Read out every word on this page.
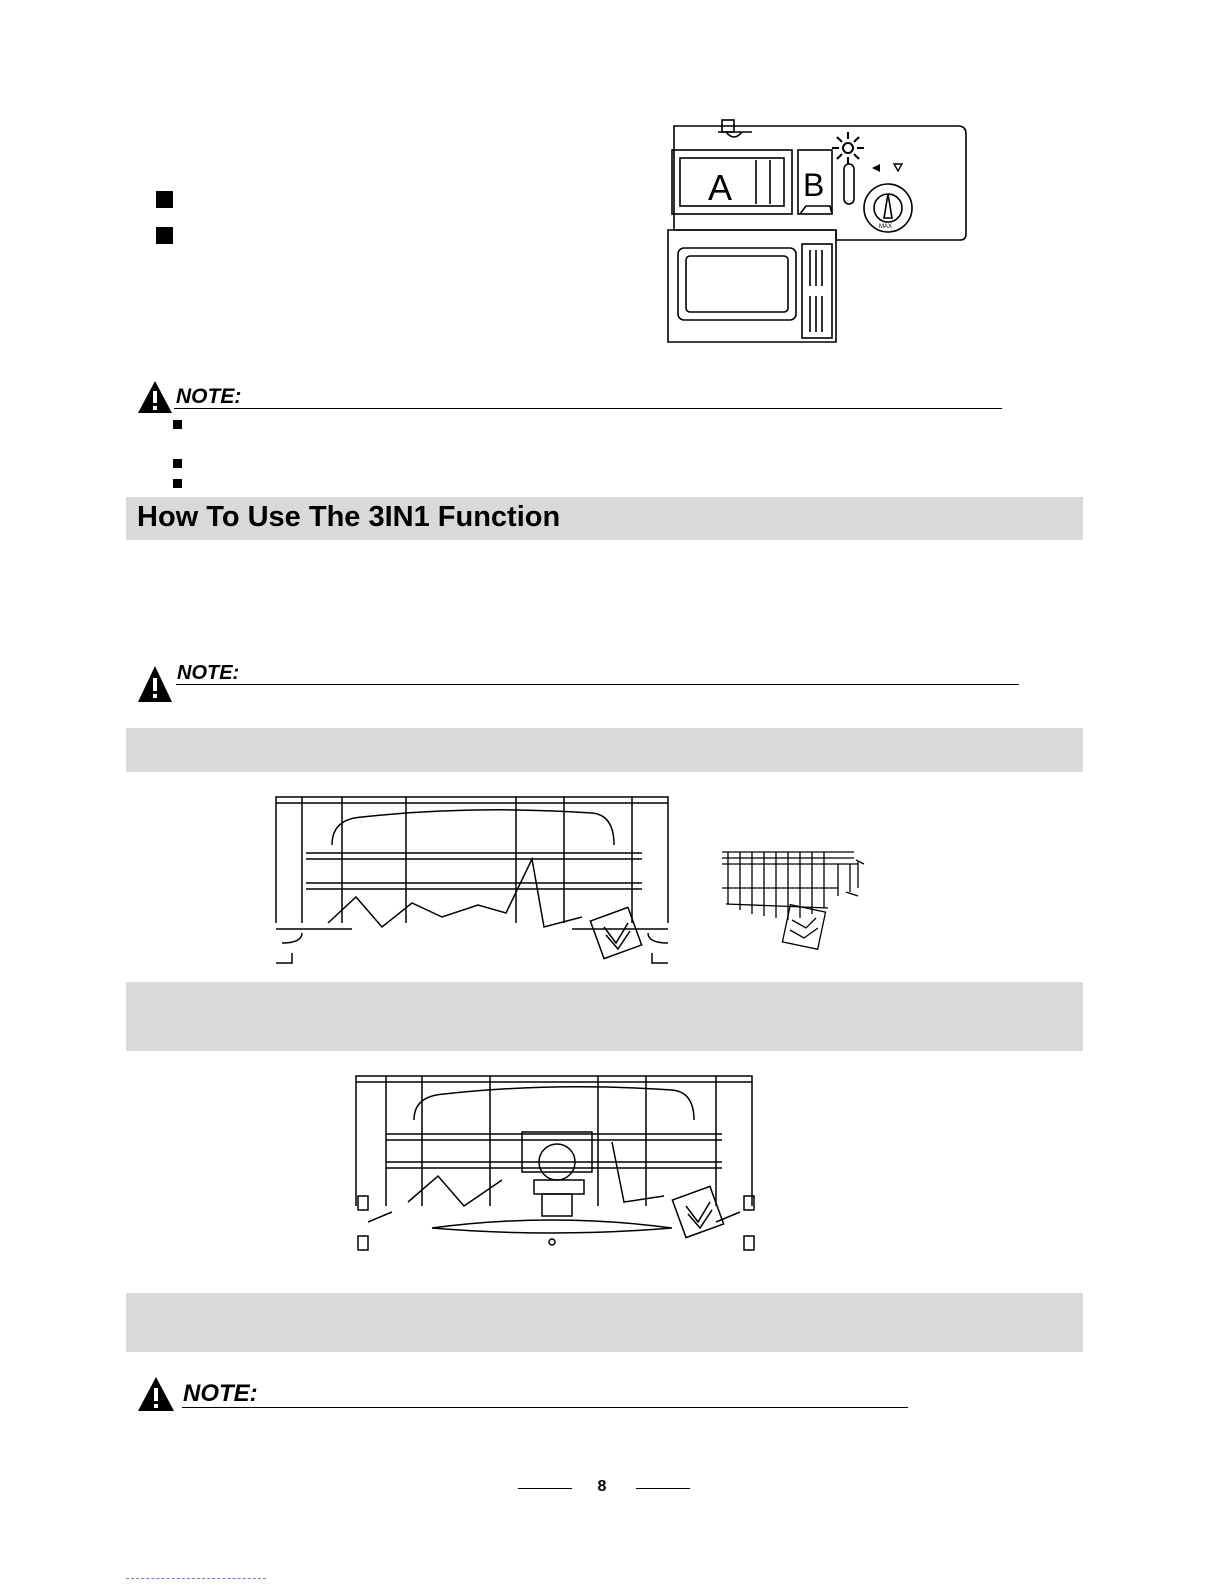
A B
MAX
NOTE:
How To Use The 3IN1 Function
NOTE:
NOTE:
8
